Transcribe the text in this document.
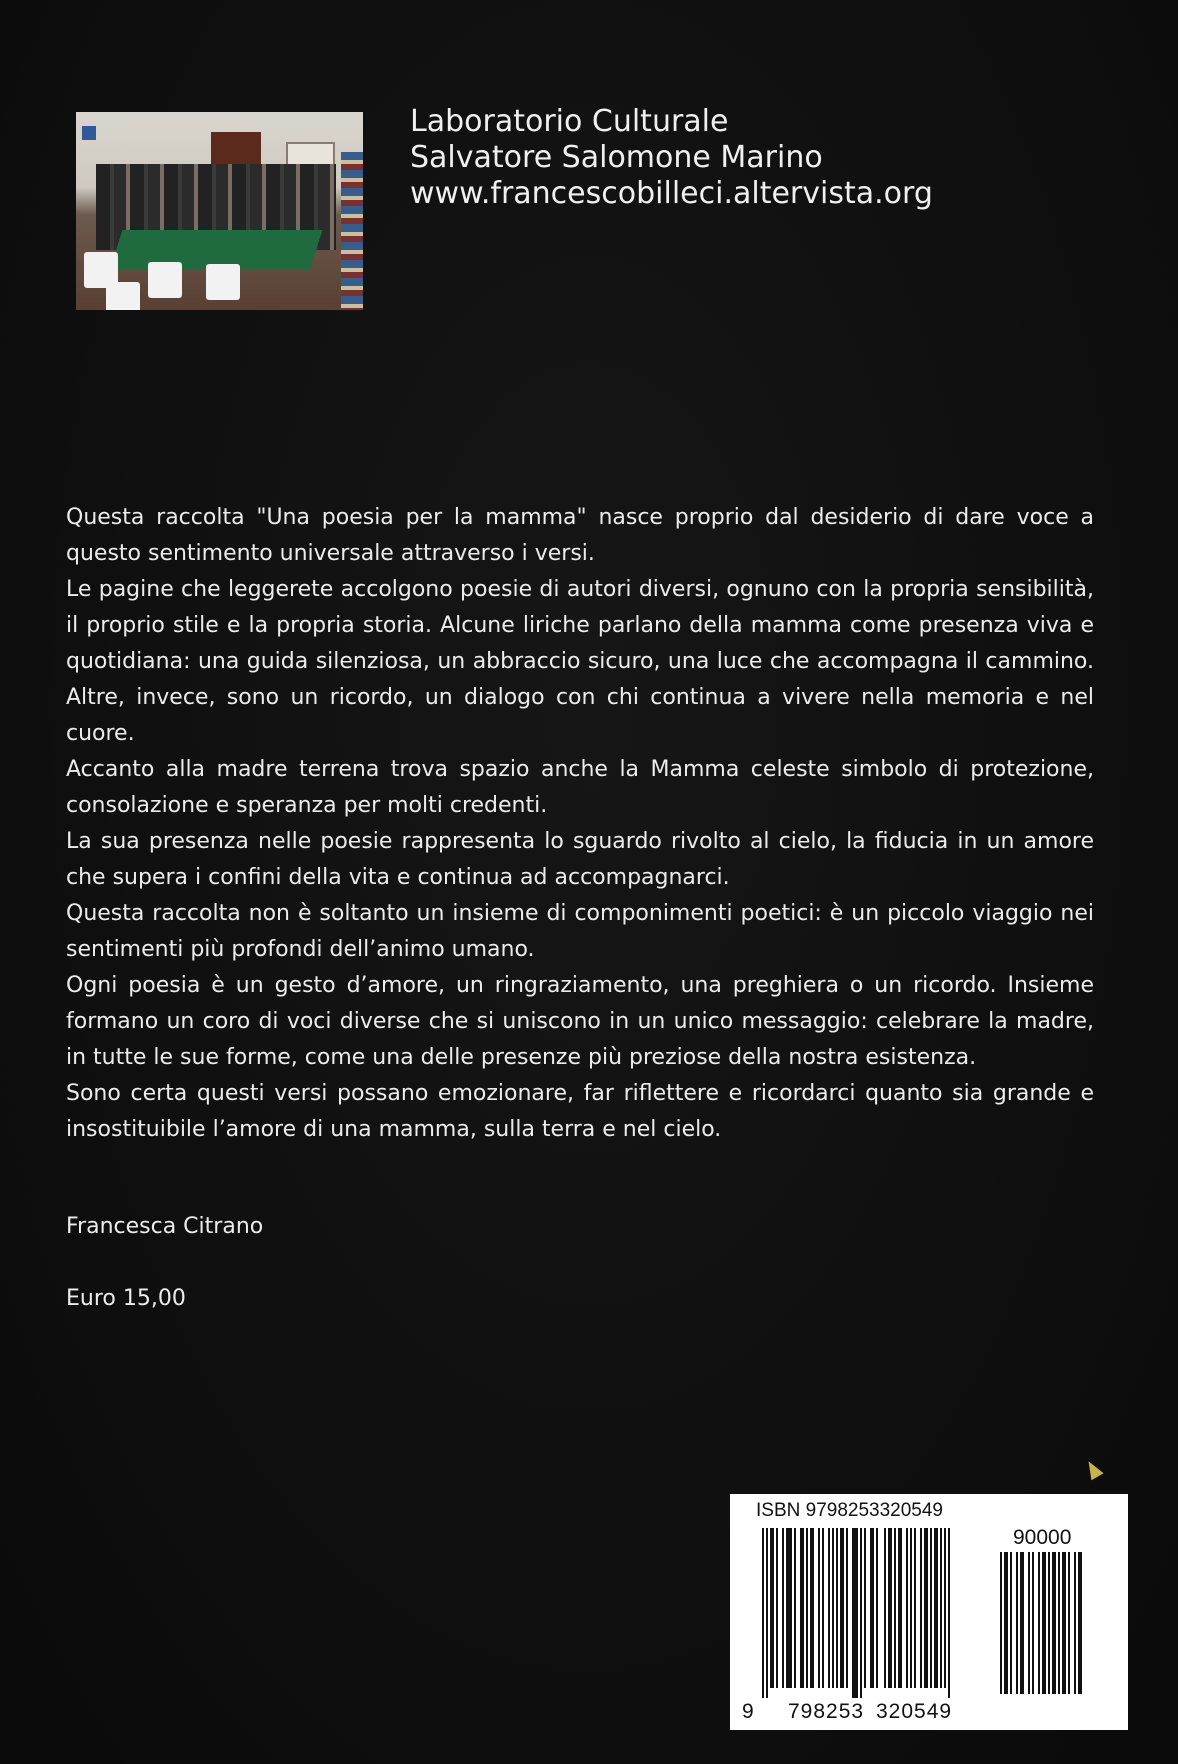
Laboratorio Culturale
Salvatore Salomone Marino
www.francescobilleci.altervista.org

Questa raccolta "Una poesia per la mamma" nasce proprio dal desiderio di dare voce a questo sentimento universale attraverso i versi.

Le pagine che leggerete accolgono poesie di autori diversi, ognuno con la propria sensibilità, il proprio stile e la propria storia. Alcune liriche parlano della mamma come presenza viva e quotidiana: una guida silenziosa, un abbraccio sicuro, una luce che accompagna il cammino. Altre, invece, sono un ricordo, un dialogo con chi continua a vivere nella memoria e nel cuore.

Accanto alla madre terrena trova spazio anche la Mamma celeste simbolo di protezione, consolazione e speranza per molti credenti.

La sua presenza nelle poesie rappresenta lo sguardo rivolto al cielo, la fiducia in un amore che supera i confini della vita e continua ad accompagnarci.

Questa raccolta non è soltanto un insieme di componimenti poetici: è un piccolo viaggio nei sentimenti più profondi dell’animo umano.

Ogni poesia è un gesto d’amore, un ringraziamento, una preghiera o un ricordo. Insieme formano un coro di voci diverse che si uniscono in un unico messaggio: celebrare la madre, in tutte le sue forme, come una delle presenze più preziose della nostra esistenza.

Sono certa questi versi possano emozionare, far riflettere e ricordarci quanto sia grande e insostituibile l’amore di una mamma, sulla terra e nel cielo.

Francesca Citrano
Euro 15,00
ISBN 9798253320549
90000
9 798253 320549
